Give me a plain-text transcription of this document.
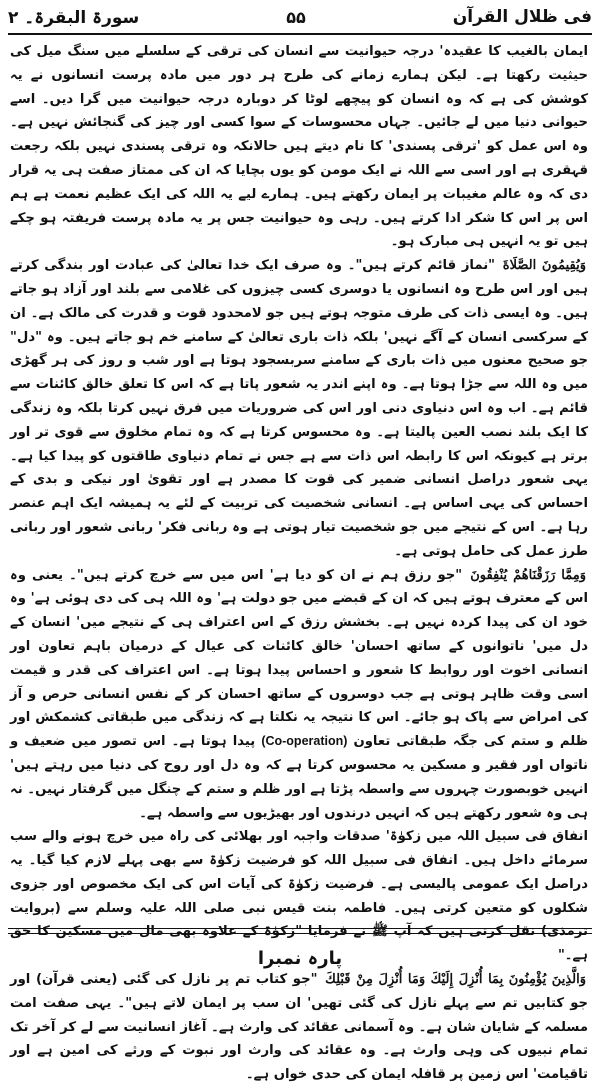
فی ظلال القرآن
۵۵
سورۃ البقرۃ۔ ۲

ایمان بالغیب کا عقیدہ' درجہ حیوانیت سے انسان کی ترقی کے سلسلے میں سنگ میل کی حیثیت رکھتا ہے۔ لیکن ہمارے زمانے کی طرح ہر دور میں مادہ پرست انسانوں نے یہ کوشش کی ہے کہ وہ انسان کو پیچھے لوٹا کر دوبارہ درجہ حیوانیت میں گرا دیں۔ اسے حیوانی دنیا میں لے جائیں۔ جہاں محسوسات کے سوا کسی اور چیز کی گنجائش نہیں ہے۔ وہ اس عمل کو 'ترقی پسندی' کا نام دیتے ہیں حالانکہ وہ ترقی پسندی نہیں بلکہ رجعت قہقری ہے اور اسی سے اللہ نے ایک مومن کو یوں بچایا کہ ان کی ممتاز صفت ہی یہ قرار دی کہ وہ عالم مغیبات پر ایمان رکھتے ہیں۔ ہمارے لیے یہ اللہ کی ایک عظیم نعمت ہے ہم اس پر اس کا شکر ادا کرتے ہیں۔ رہی وہ حیوانیت جس پر یہ مادہ پرست فریفتہ ہو چکے ہیں تو یہ انہیں ہی مبارک ہو۔

وَيُقِيمُونَ الصَّلَاةَ "نماز قائم کرتے ہیں"۔ وہ صرف ایک خدا تعالیٰ کی عبادت اور بندگی کرتے ہیں اور اس طرح وہ انسانوں یا دوسری کسی چیزوں کی غلامی سے بلند اور آزاد ہو جاتے ہیں۔ وہ ایسی ذات کی طرف متوجہ ہوتے ہیں جو لامحدود قوت و قدرت کی مالک ہے۔ ان کے سرکسی انسان کے آگے نہیں' بلکہ ذات باری تعالیٰ کے سامنے خم ہو جاتے ہیں۔ وہ "دل" جو صحیح معنوں میں ذات باری کے سامنے سربسجود ہوتا ہے اور شب و روز کی ہر گھڑی میں وہ اللہ سے جڑا ہوتا ہے۔ وہ اپنے اندر یہ شعور پاتا ہے کہ اس کا تعلق خالق کائنات سے قائم ہے۔ اب وہ اس دنیاوی دنی اور اس کی ضروریات میں فرق نہیں کرتا بلکہ وہ زندگی کا ایک بلند نصب العین پالیتا ہے۔ وہ محسوس کرتا ہے کہ وہ تمام مخلوق سے قوی تر اور برتر ہے کیونکہ اس کا رابطہ اس ذات سے ہے جس نے تمام دنیاوی طاقتوں کو پیدا کیا ہے۔ یہی شعور دراصل انسانی ضمیر کی قوت کا مصدر ہے اور تقویٰ اور نیکی و بدی کے احساس کی یہی اساس ہے۔ انسانی شخصیت کی تربیت کے لئے یہ ہمیشہ ایک اہم عنصر رہا ہے۔ اس کے نتیجے میں جو شخصیت تیار ہوتی ہے وہ ربانی فکر' ربانی شعور اور ربانی طرز عمل کی حامل ہوتی ہے۔

وَمِمَّا رَزَقْنَاهُمْ يُنْفِقُونَ "جو رزق ہم نے ان کو دیا ہے' اس میں سے خرچ کرتے ہیں"۔ یعنی وہ اس کے معترف ہوتے ہیں کہ ان کے قبضے میں جو دولت ہے' وہ اللہ ہی کی دی ہوئی ہے' وہ خود ان کی پیدا کردہ نہیں ہے۔ بخشش رزق کے اس اعتراف ہی کے نتیجے میں' انسان کے دل میں' ناتوانوں کے ساتھ احسان' خالق کائنات کی عیال کے درمیان باہم تعاون اور انسانی اخوت اور روابط کا شعور و احساس پیدا ہوتا ہے۔ اس اعتراف کی قدر و قیمت اسی وقت ظاہر ہوتی ہے جب دوسروں کے ساتھ احسان کر کے نفس انسانی حرص و آز کی امراض سے پاک ہو جائے۔ اس کا نتیجہ یہ نکلتا ہے کہ زندگی میں طبقاتی کشمکش اور ظلم و ستم کی جگہ طبقاتی تعاون (Co-operation) پیدا ہوتا ہے۔ اس تصور میں ضعیف و ناتواں اور فقیر و مسکین یہ محسوس کرتا ہے کہ وہ دل اور روح کی دنیا میں رہتے ہیں' انہیں خوبصورت چہروں سے واسطہ پڑتا ہے اور ظلم و ستم کے چنگل میں گرفتار نہیں۔ نہ ہی وہ شعور رکھتے ہیں کہ انہیں درندوں اور بھیڑیوں سے واسطہ ہے۔

انفاق فی سبیل اللہ میں زکوٰۃ' صدقات واجبہ اور بھلائی کی راہ میں خرچ ہونے والے سب سرمائے داخل ہیں۔ انفاق فی سبیل اللہ کو فرضیت زکوٰۃ سے بھی پہلے لازم کیا گیا۔ یہ دراصل ایک عمومی پالیسی ہے۔ فرضیت زکوٰۃ کی آیات اس کی ایک مخصوص اور جزوی شکلوں کو متعین کرتی ہیں۔ فاطمہ بنت قیس نبی صلی اللہ علیہ وسلم سے (بروایت ترمذی) نقل کرتی ہیں کہ آپ ﷺ نے فرمایا "زکوٰۃ کے علاوہ بھی مال میں مسکین کا حق ہے۔"

وَالَّذِينَ يُؤْمِنُونَ بِمَا أُنْزِلَ إِلَيْكَ وَمَا أُنْزِلَ مِنْ قَبْلِكَ "جو کتاب تم پر نازل کی گئی (یعنی قرآن) اور جو کتابیں تم سے پہلے نازل کی گئی تھیں' ان سب پر ایمان لاتے ہیں"۔ یہی صفت امت مسلمہ کے شایان شان ہے۔ وہ آسمانی عقائد کی وارث ہے۔ آغاز انسانیت سے لے کر آخر تک تمام نبیوں کی وہی وارث ہے۔ وہ عقائد کی وارث اور نبوت کے ورثے کی امین ہے اور تاقیامت' اس زمین پر قافلہ ایمان کی حدی خواں ہے۔

پارہ نمبرا
